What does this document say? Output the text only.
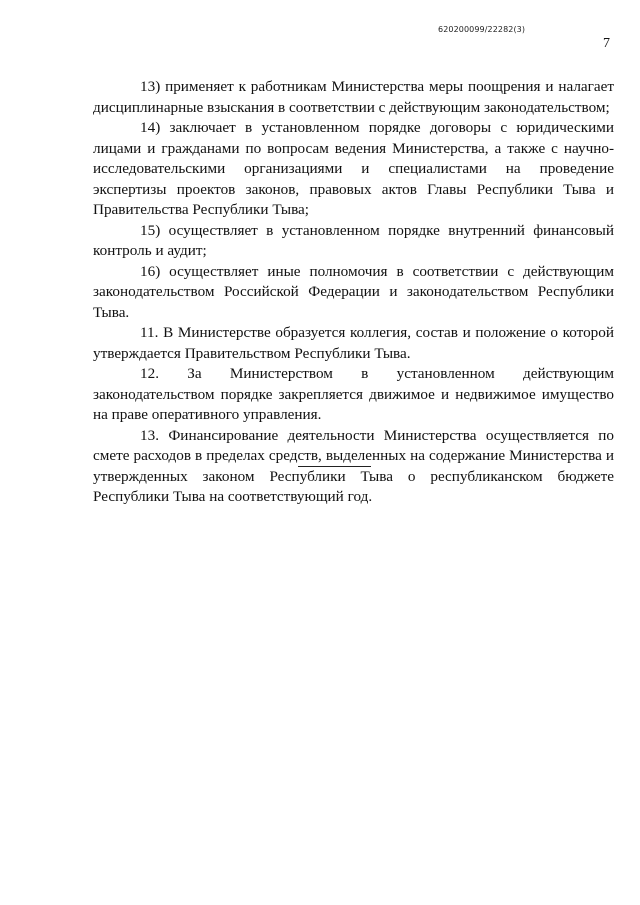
620200099/22282(3)
7

13) применяет к работникам Министерства меры поощрения и налагает дисциплинарные взыскания в соответствии с действующим законодательством;

14) заключает в установленном порядке договоры с юридическими лицами и гражданами по вопросам ведения Министерства, а также с научно-исследовательскими организациями и специалистами на проведение экспертизы проектов законов, правовых актов Главы Республики Тыва и Правительства Республики Тыва;

15) осуществляет в установленном порядке внутренний финансовый контроль и аудит;

16) осуществляет иные полномочия в соответствии с действующим законодательством Российской Федерации и законодательством Республики Тыва.

11. В Министерстве образуется коллегия, состав и положение о которой утверждается Правительством Республики Тыва.

12. За Министерством в установленном действующим законодательством порядке закрепляется движимое и недвижимое имущество на праве оперативного управления.

13. Финансирование деятельности Министерства осуществляется по смете расходов в пределах средств, выделенных на содержание Министерства и утвержденных законом Республики Тыва о республиканском бюджете Республики Тыва на соответствующий год.
